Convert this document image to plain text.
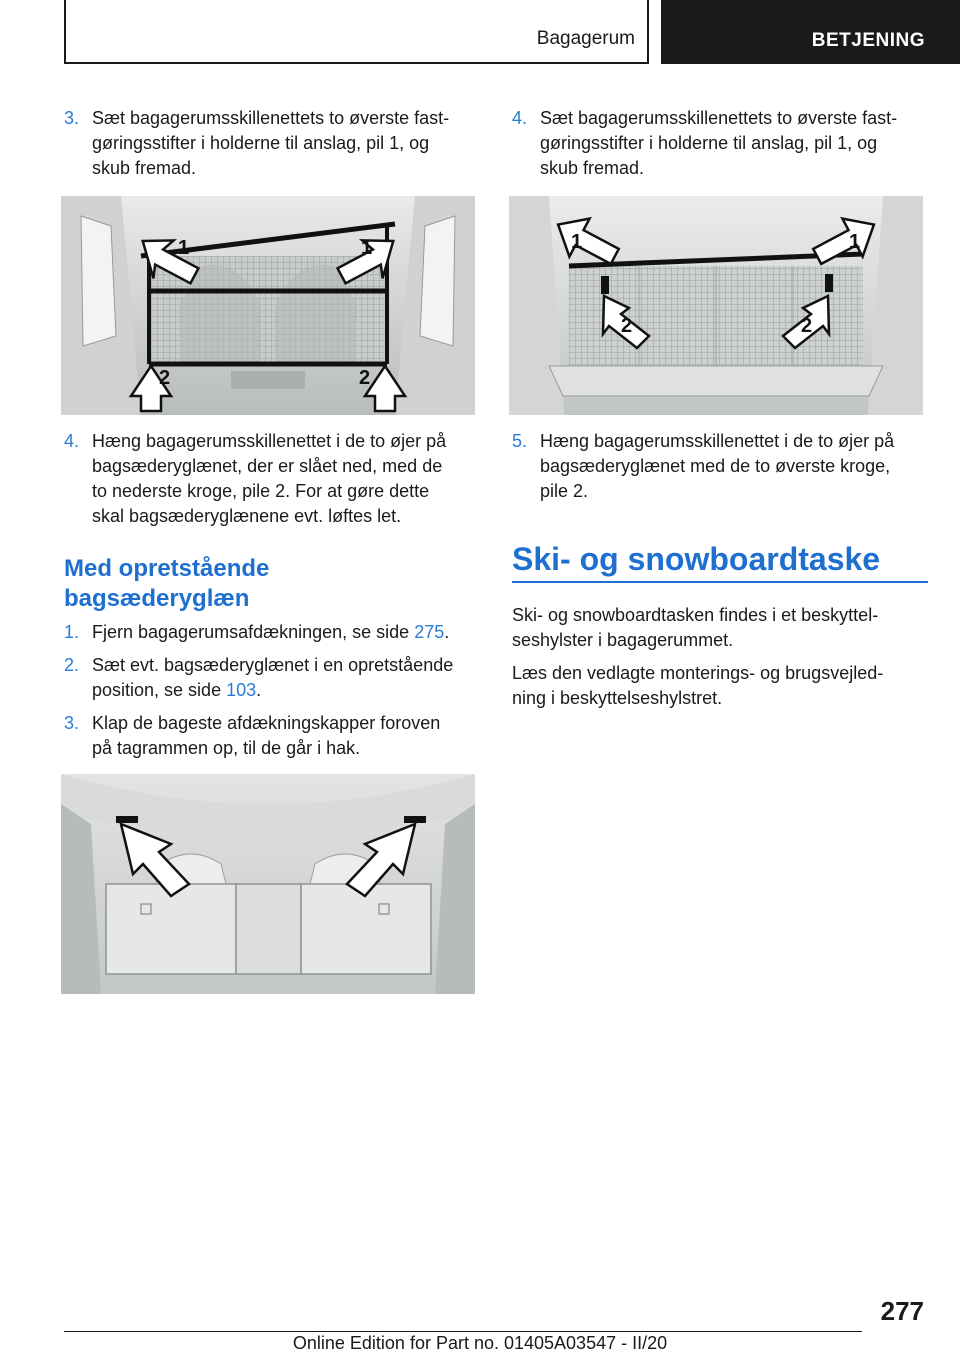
Bagagerum	BETJENING
3. Sæt bagagerumsskillenettets to øverste fast-
gøringsstifter i holderne til anslag, pil 1, og
skub fremad.
1	1
2	2
4. Hæng bagagerumsskillenettet i de to øjer på
bagsæderyglænet, der er slået ned, med de
to nederste kroge, pile 2. For at gøre dette
skal bagsæderyglænene evt. løftes let.
Med opretstående
bagsæderyglæn
1. Fjern bagagerumsafdækningen, se side 275.
2. Sæt evt. bagsæderyglænet i en opretstående
position, se side 103.
3. Klap de bageste afdækningskapper foroven
på tagrammen op, til de går i hak.
4. Sæt bagagerumsskillenettets to øverste fast-
gøringsstifter i holderne til anslag, pil 1, og
skub fremad.
1	1
2	2
5. Hæng bagagerumsskillenettet i de to øjer på
bagsæderyglænet med de to øverste kroge,
pile 2.
Ski- og snowboardtaske
Ski- og snowboardtasken findes i et beskyttel-
seshylster i bagagerummet.
Læs den vedlagte monterings- og brugsvejled-
ning i beskyttelseshylstret.
277
Online Edition for Part no. 01405A03547 - II/20
